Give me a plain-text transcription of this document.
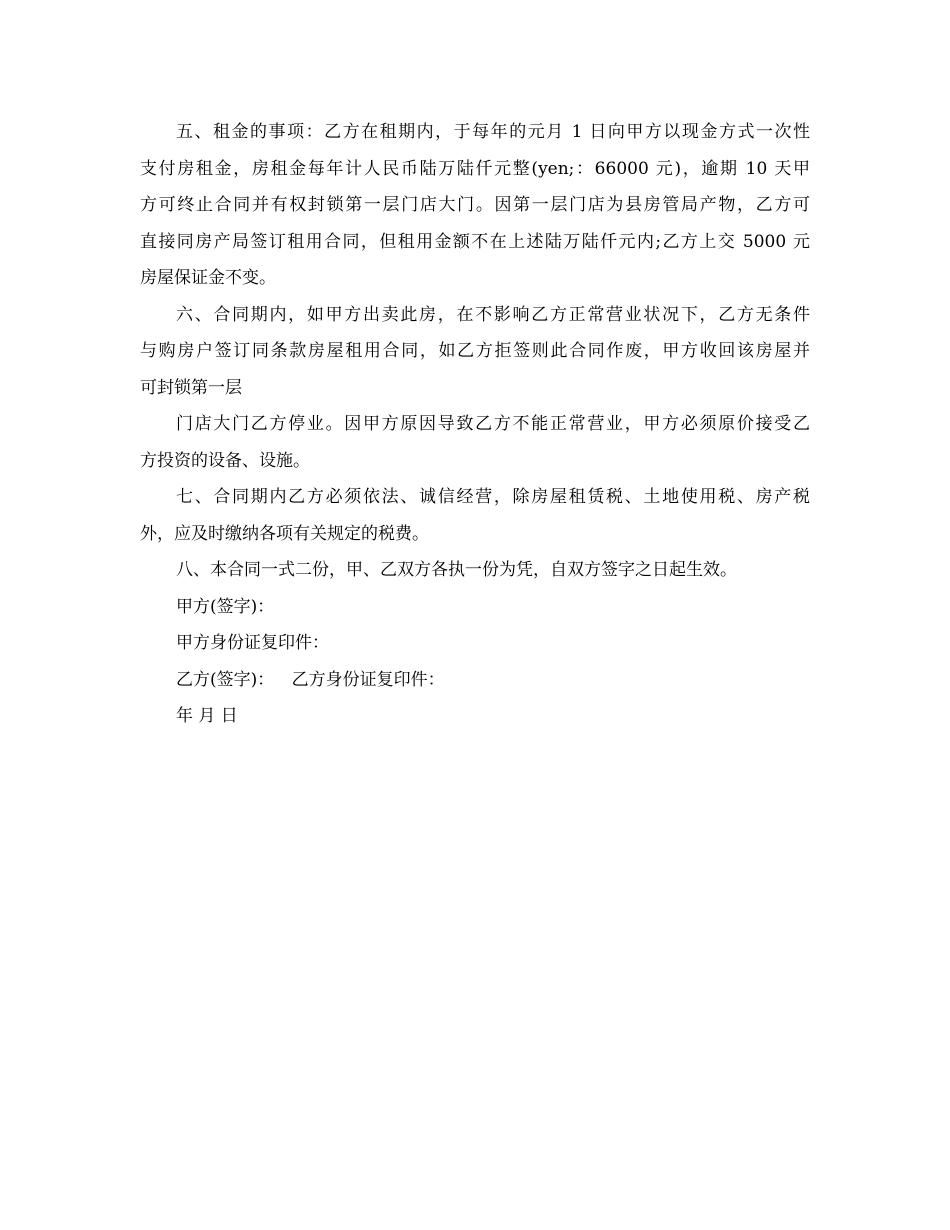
五、租金的事项：乙方在租期内，于每年的元月 1 日向甲方以现金方式一次性
支付房租金，房租金每年计人民币陆万陆仟元整(yen;：66000 元)，逾期 10 天甲
方可终止合同并有权封锁第一层门店大门。因第一层门店为县房管局产物，乙方可
直接同房产局签订租用合同，但租用金额不在上述陆万陆仟元内;乙方上交 5000 元
房屋保证金不变。
六、合同期内，如甲方出卖此房，在不影响乙方正常营业状况下，乙方无条件
与购房户签订同条款房屋租用合同，如乙方拒签则此合同作废，甲方收回该房屋并
可封锁第一层
门店大门乙方停业。因甲方原因导致乙方不能正常营业，甲方必须原价接受乙
方投资的设备、设施。
七、合同期内乙方必须依法、诚信经营，除房屋租赁税、土地使用税、房产税
外，应及时缴纳各项有关规定的税费。
八、本合同一式二份，甲、乙双方各执一份为凭，自双方签字之日起生效。
甲方(签字)：
甲方身份证复印件：
乙方(签字)： 乙方身份证复印件：
年 月 日
